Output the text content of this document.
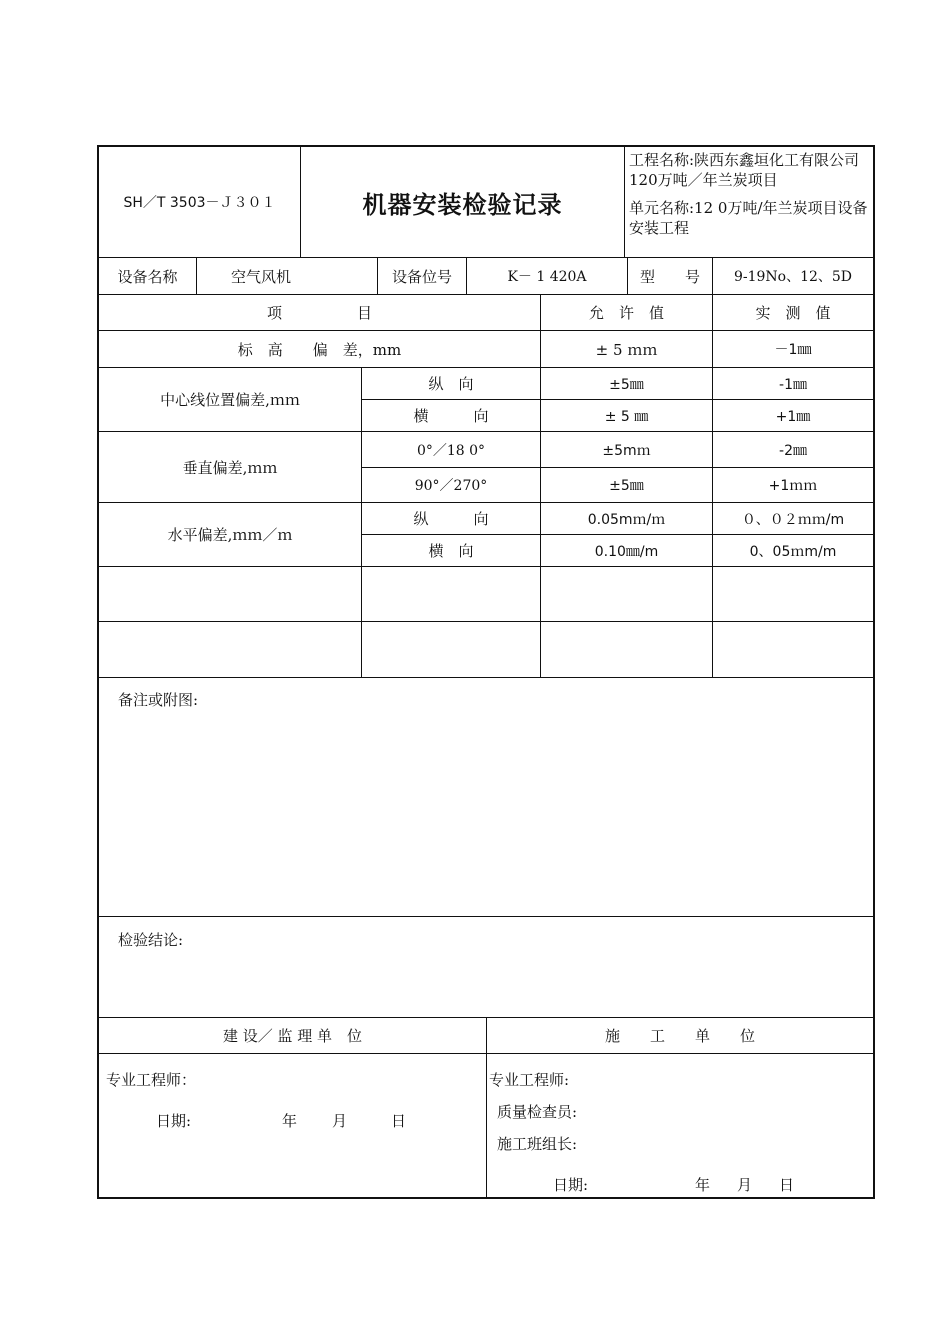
SH／T 3503－Ｊ３０１	机器安装检验记录
工程名称:陕西东鑫垣化工有限公司120万吨／年兰炭项目
单元名称:12 0万吨/年兰炭项目设备安装工程
设备名称	空气风机	设备位号	K－ 1 420A	型　　号	9-19No、12、5D
项　　　　　目	允　许　值	实　测　值
标　高　　偏　差，mm	± 5 ｍｍ	－1㎜
中心线位置偏差,ｍｍ
纵　向	±5㎜	-1㎜
横　　　向	± 5 ㎜	+1㎜
垂直偏差,ｍｍ
0°／18 0°	±5mｍ	-2㎜
90°／270°	±5㎜	+1ｍｍ
水平偏差,ｍｍ／ｍ
纵　　　向	0.05mｍ/ｍ	０、０２ｍｍ/m
横　向	0.10㎜/m	0、05ｍm/m
备注或附图:
检验结论:
建 设／ 监 理 单　位	施　　工　　单　　位
专业工程师：
日期:	年 月	日
专业工程师:
质量检查员:
施工班组长:
日期:	年 月 日
